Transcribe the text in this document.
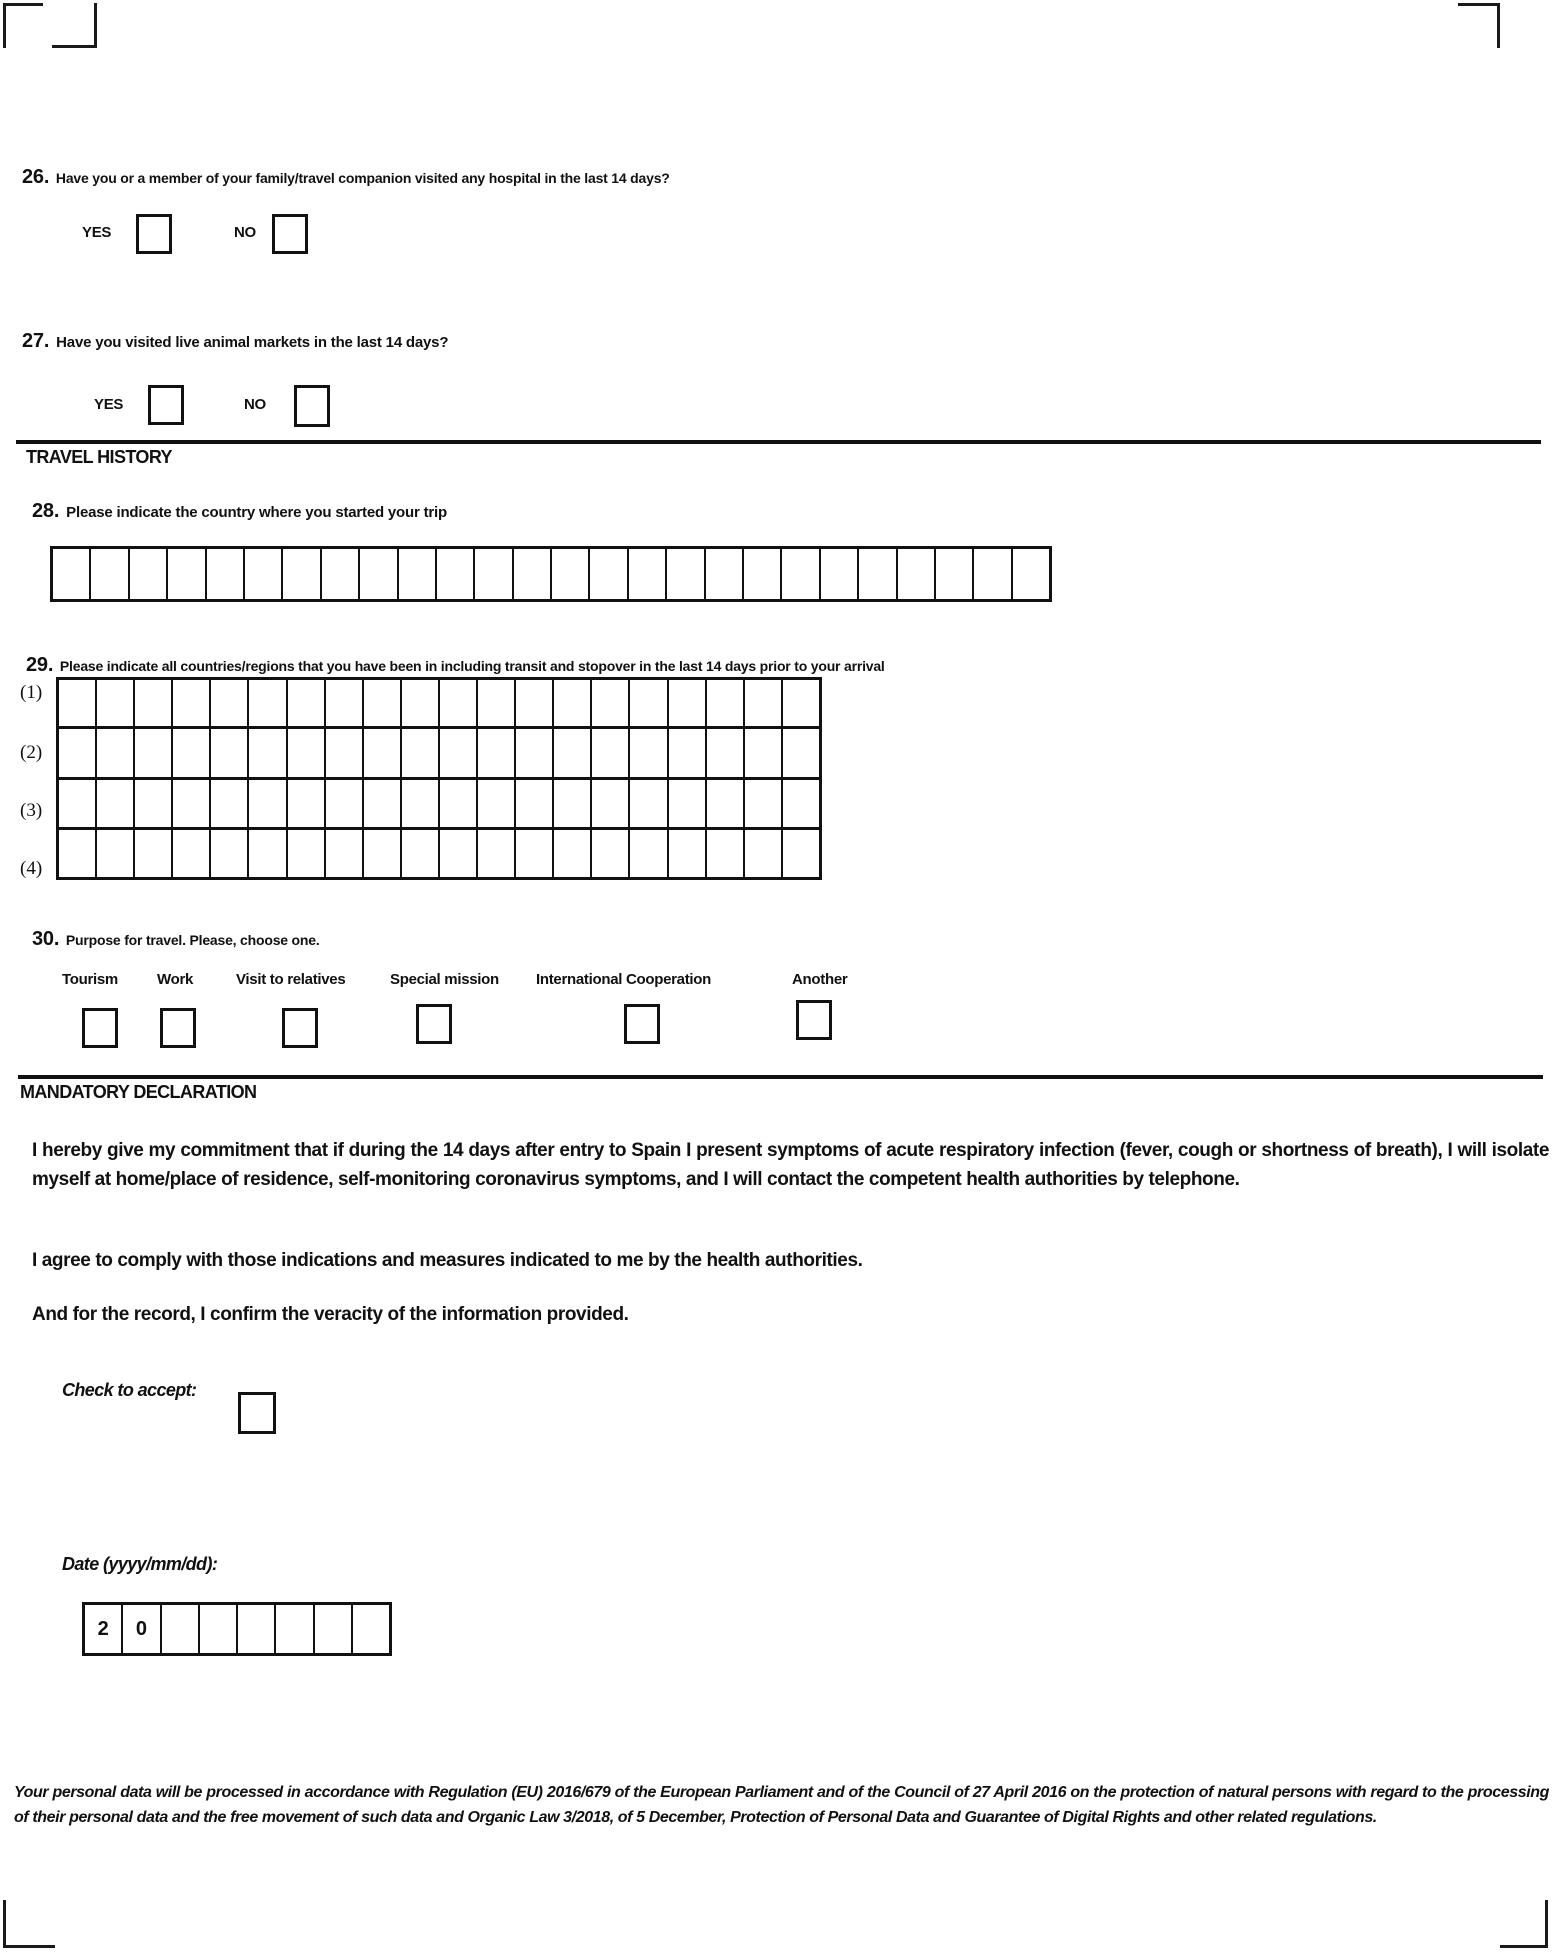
26. Have you or a member of your family/travel companion visited any hospital in the last 14 days?
YES	NO
27. Have you visited live animal markets in the last 14 days?
YES	NO
TRAVEL HISTORY
28. Please indicate the country where you started your trip
29. Please indicate all countries/regions that you have been in including transit and stopover in the last 14 days prior to your arrival
(1)
(2)
(3)
(4)
30. Purpose for travel. Please, choose one.
Tourism	Work	Visit to relatives	Special mission International Cooperation	Another
MANDATORY DECLARATION
I hereby give my commitment that if during the 14 days after entry to Spain I present symptoms of acute respiratory infection (fever, cough or shortness of breath), I will isolate myself at home/place of residence, self-monitoring coronavirus symptoms, and I will contact the competent health authorities by telephone.
I agree to comply with those indications and measures indicated to me by the health authorities.
And for the record, I confirm the veracity of the information provided.
Check to accept:
Date (yyyy/mm/dd):
2	0
Your personal data will be processed in accordance with Regulation (EU) 2016/679 of the European Parliament and of the Council of 27 April 2016 on the protection of natural persons with regard to the processing of their personal data and the free movement of such data and Organic Law 3/2018, of 5 December, Protection of Personal Data and Guarantee of Digital Rights and other related regulations.
